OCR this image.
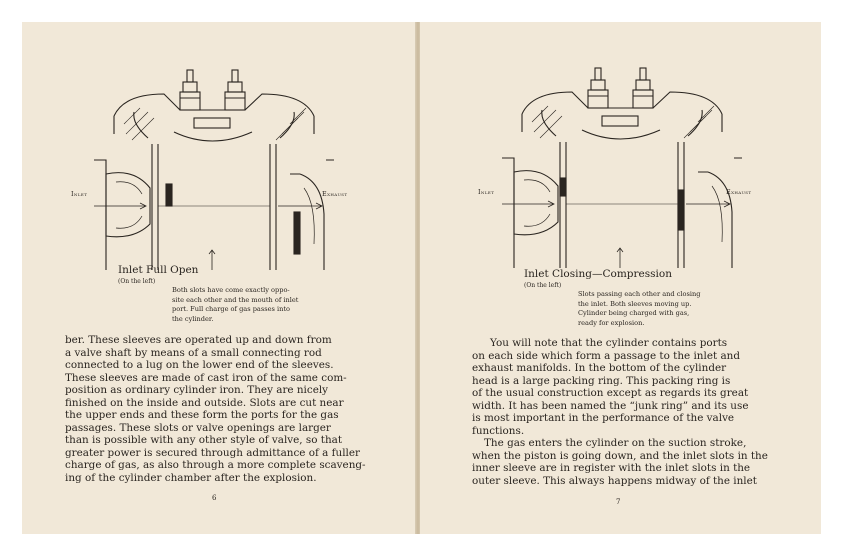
Inlet	Exhaust
Inlet Full Open
(On the left)
Both slots have come exactly oppo-
site each other and the mouth of inlet
port. Full charge of gas passes into
the cylinder.
ber. These sleeves are operated up and down from
a valve shaft by means of a small connecting rod
connected to a lug on the lower end of the sleeves.
These sleeves are made of cast iron of the same com-
position as ordinary cylinder iron. They are nicely
finished on the inside and outside. Slots are cut near
the upper ends and these form the ports for the gas
passages. These slots or valve openings are larger
than is possible with any other style of valve, so that
greater power is secured through admittance of a fuller
charge of gas, as also through a more complete scaveng-
ing of the cylinder chamber after the explosion.
6
Inlet	Exhaust
Inlet Closing—Compression
(On the left)
Slots passing each other and closing
the inlet. Both sleeves moving up.
Cylinder being charged with gas,
ready for explosion.
You will note that the cylinder contains ports
on each side which form a passage to the inlet and
exhaust manifolds. In the bottom of the cylinder
head is a large packing ring. This packing ring is
of the usual construction except as regards its great
width. It has been named the “junk ring” and its use
is most important in the performance of the valve
functions.
The gas enters the cylinder on the suction stroke,
when the piston is going down, and the inlet slots in the
inner sleeve are in register with the inlet slots in the
outer sleeve. This always happens midway of the inlet
7
